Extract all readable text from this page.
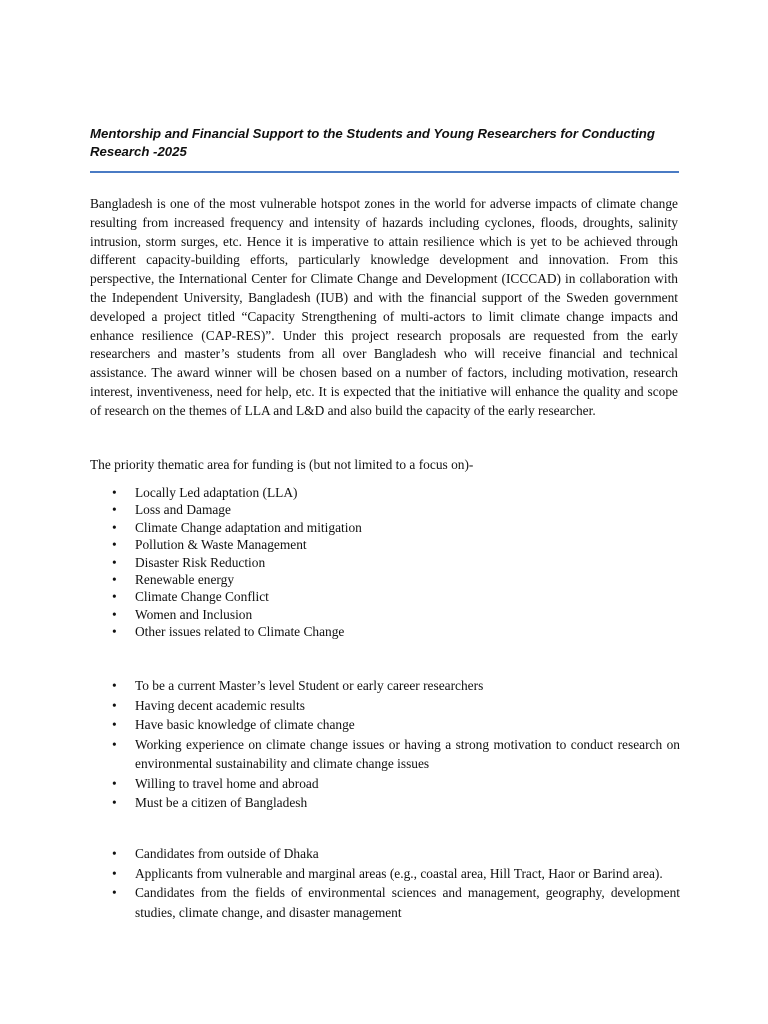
Mentorship and Financial Support to the Students and Young Researchers for Conducting Research -2025

Bangladesh is one of the most vulnerable hotspot zones in the world for adverse impacts of climate change resulting from increased frequency and intensity of hazards including cyclones, floods, droughts, salinity intrusion, storm surges, etc. Hence it is imperative to attain resilience which is yet to be achieved through different capacity-building efforts, particularly knowledge development and innovation. From this perspective, the International Center for Climate Change and Development (ICCCAD) in collaboration with the Independent University, Bangladesh (IUB) and with the financial support of the Sweden government developed a project titled “Capacity Strengthening of multi-actors to limit climate change impacts and enhance resilience (CAP-RES)”. Under this project research proposals are requested from the early researchers and master’s students from all over Bangladesh who will receive financial and technical assistance. The award winner will be chosen based on a number of factors, including motivation, research interest, inventiveness, need for help, etc. It is expected that the initiative will enhance the quality and scope of research on the themes of LLA and L&D and also build the capacity of the early researcher.

The priority thematic area for funding is (but not limited to a focus on)-

• Locally Led adaptation (LLA)
• Loss and Damage
• Climate Change adaptation and mitigation
• Pollution & Waste Management
• Disaster Risk Reduction
• Renewable energy
• Climate Change Conflict
• Women and Inclusion
• Other issues related to Climate Change
• To be a current Master’s level Student or early career researchers
• Having decent academic results
• Have basic knowledge of climate change
• Working experience on climate change issues or having a strong motivation to conduct research on environmental sustainability and climate change issues
• Willing to travel home and abroad
• Must be a citizen of Bangladesh
• Candidates from outside of Dhaka
• Applicants from vulnerable and marginal areas (e.g., coastal area, Hill Tract, Haor or Barind area).
• Candidates from the fields of environmental sciences and management, geography, development studies, climate change, and disaster management
